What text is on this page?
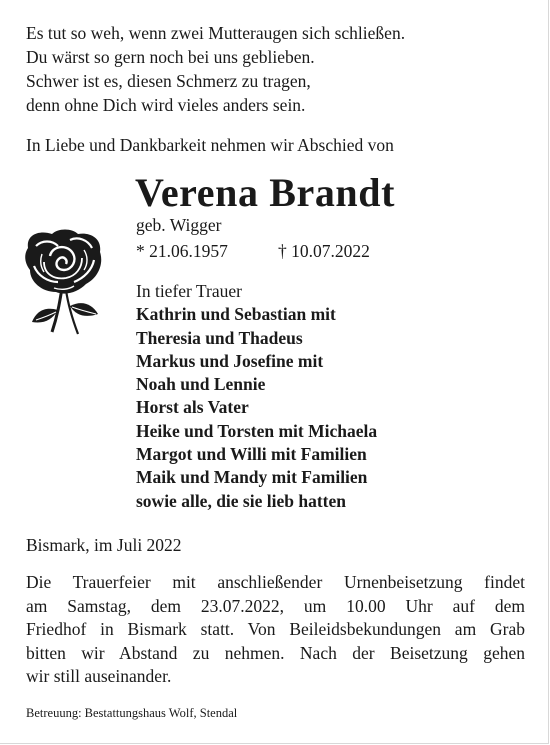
Es tut so weh, wenn zwei Mutteraugen sich schließen.
Du wärst so gern noch bei uns geblieben.
Schwer ist es, diesen Schmerz zu tragen,
denn ohne Dich wird vieles anders sein.
In Liebe und Dankbarkeit nehmen wir Abschied von
Verena Brandt
geb. Wigger
* 21.06.1957	† 10.07.2022
In tiefer Trauer
Kathrin und Sebastian mit
Theresia und Thadeus
Markus und Josefine mit
Noah und Lennie
Horst als Vater
Heike und Torsten mit Michaela
Margot und Willi mit Familien
Maik und Mandy mit Familien
sowie alle, die sie lieb hatten
Bismark, im Juli 2022
Die Trauerfeier mit anschließender Urnenbeisetzung findet
am Samstag, dem 23.07.2022, um 10.00 Uhr auf dem
Friedhof in Bismark statt. Von Beileidsbekundungen am Grab
bitten wir Abstand zu nehmen. Nach der Beisetzung gehen
wir still auseinander.
Betreuung: Bestattungshaus Wolf, Stendal
